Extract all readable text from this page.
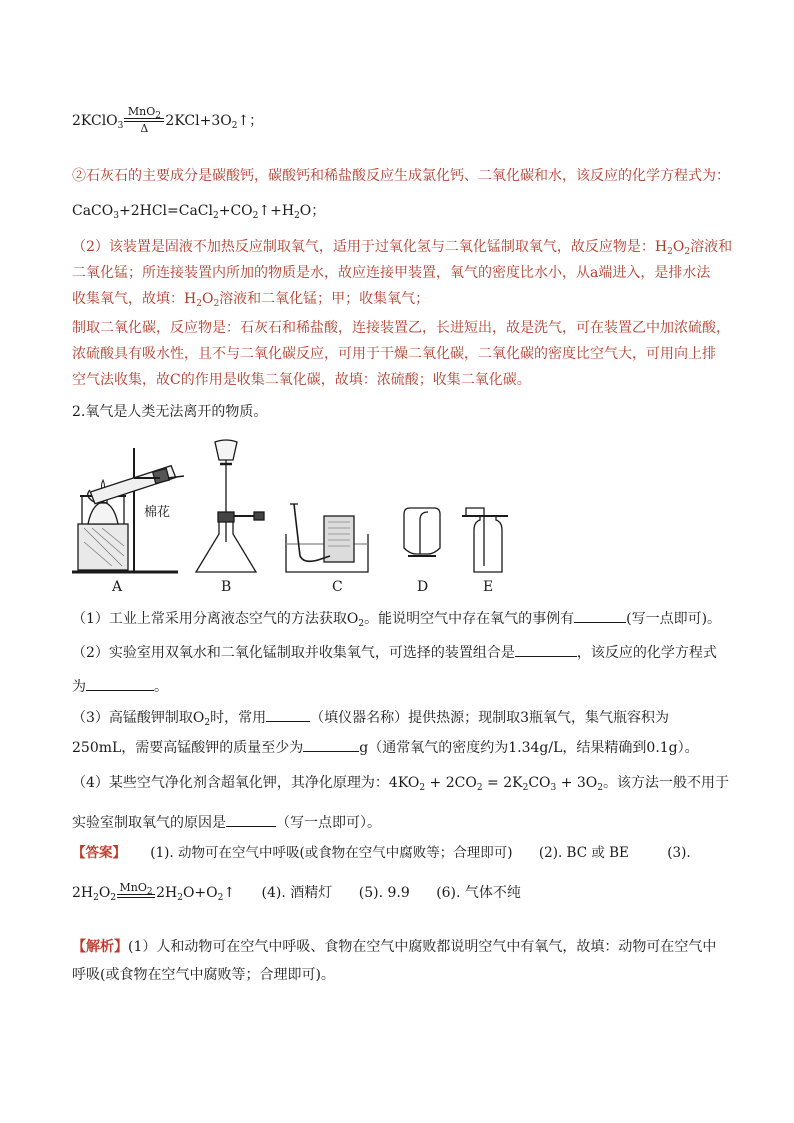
2KClO$_3$
MnO$_2$
Δ	$2KCl+3O_2↑$；
②石灰石的主要成分是碳酸钙，碳酸钙和稀盐酸反应生成氯化钙、二氧化碳和水，该反应的化学方程式为：
$CaCO_3+2HCl=CaCl_2+CO_2↑+H_2O$；
（2）该装置是固液不加热反应制取氧气，适用于过氧化氢与二氧化锰制取氧气，故反应物是：$H_2O_2$溶液和
二氧化锰；所连接装置内所加的物质是水，故应连接甲装置，氧气的密度比水小，从a端进入，是排水法
收集氧气，故填：$H_2O_2$溶液和二氧化锰；甲；收集氧气；
制取二氧化碳，反应物是：石灰石和稀盐酸，连接装置乙，长进短出，故是洗气，可在装置乙中加浓硫酸，
浓硫酸具有吸水性，且不与二氧化碳反应，可用于干燥二氧化碳，二氧化碳的密度比空气大，可用向上排
空气法收集，故C的作用是收集二氧化碳，故填：浓硫酸；收集二氧化碳。
2.氧气是人类无法离开的物质。
棉花
A	B	C	D	E
（1）工业上常采用分离液态空气的方法获取$O_2$。能说明空气中存在氧气的事例有	(写一点即可)。
（2）实验室用双氧水和二氧化锰制取并收集氧气，可选择的装置组合是	，该反应的化学方程式
为	。
（3）高锰酸钾制取$O_2$时，常用	（填仪器名称）提供热源；现制取3瓶氧气，集气瓶容积为
250mL，需要高锰酸钾的质量至少为	g（通常氧气的密度约为1.34g/L，结果精确到0.1g）。
（4）某些空气净化剂含超氧化钾，其净化原理为：$4KO_2 + 2CO_2 = 2K_2CO_3 + 3O_2$。该方法一般不用于
实验室制取氧气的原因是	（写一点即可）。
【答案】 (1). 动物可在空气中呼吸(或食物在空气中腐败等；合理即可) (2). BC 或 BE	(3).
$2H_2O_2$
MnO$_2$ $2H_2O+O_2↑$ (4). 酒精灯 (5). 9.9 (6). 气体不纯
【解析】(1）人和动物可在空气中呼吸、食物在空气中腐败都说明空气中有氧气，故填：动物可在空气中
呼吸(或食物在空气中腐败等；合理即可)。
